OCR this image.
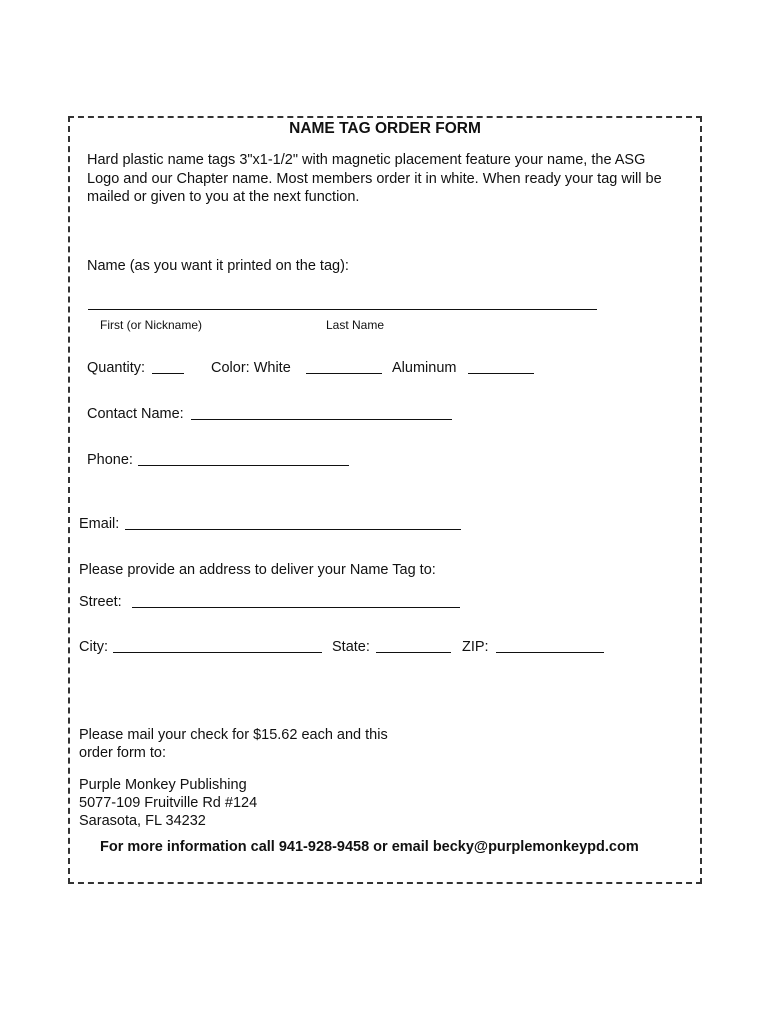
NAME TAG ORDER FORM
Hard plastic name tags 3"x1-1/2" with magnetic placement feature your name, the ASG
Logo and our Chapter name. Most members order it in white. When ready your tag will be
mailed or given to you at the next function.
Name (as you want it printed on the tag):
First (or Nickname)	Last Name
Quantity:	Color: White	Aluminum
Contact Name:
Phone:
Email:
Please provide an address to deliver your Name Tag to:
Street:
City:	State:	ZIP:
Please mail your check for $15.62 each and this
order form to:
Purple Monkey Publishing
5077-109 Fruitville Rd #124
Sarasota, FL 34232
For more information call 941-928-9458 or email becky@purplemonkeypd.com
